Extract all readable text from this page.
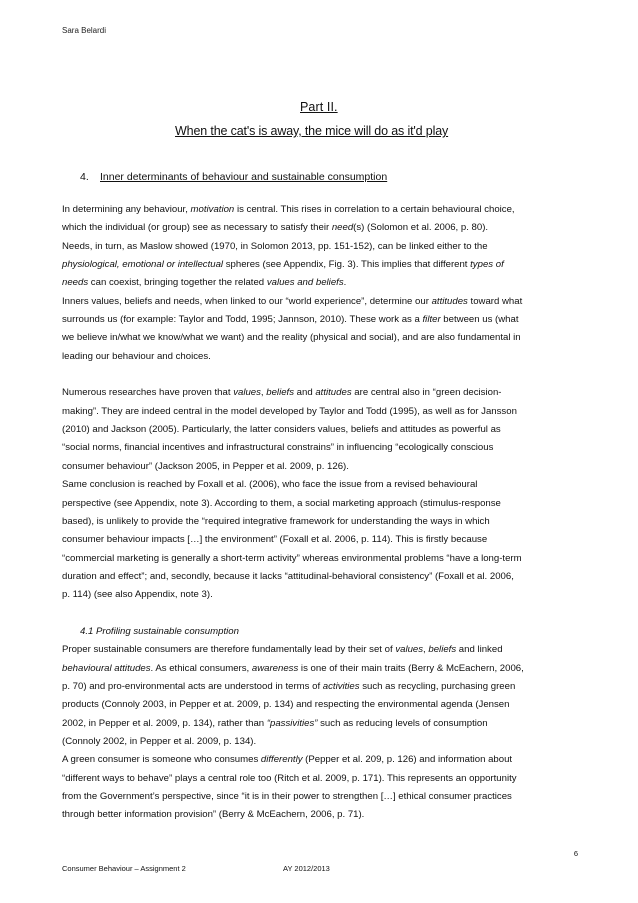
Sara Belardi
Part II.
When the cat's is away, the mice will do as it'd play
4. Inner determinants of behaviour and sustainable consumption
In determining any behaviour, motivation is central. This rises in correlation to a certain behavioural choice,
which the individual (or group) see as necessary to satisfy their need(s) (Solomon et al. 2006, p. 80).
Needs, in turn, as Maslow showed (1970, in Solomon 2013, pp. 151-152), can be linked either to the
physiological, emotional or intellectual spheres (see Appendix, Fig. 3). This implies that different types of
needs can coexist, bringing together the related values and beliefs.
Inners values, beliefs and needs, when linked to our “world experience”, determine our attitudes toward what
surrounds us (for example: Taylor and Todd, 1995; Jannson, 2010). These work as a filter between us (what
we believe in/what we know/what we want) and the reality (physical and social), and are also fundamental in
leading our behaviour and choices.
Numerous researches have proven that values, beliefs and attitudes are central also in “green decision-
making”. They are indeed central in the model developed by Taylor and Todd (1995), as well as for Jansson
(2010) and Jackson (2005). Particularly, the latter considers values, beliefs and attitudes as powerful as
“social norms, financial incentives and infrastructural constrains” in influencing “ecologically conscious
consumer behaviour” (Jackson 2005, in Pepper et al. 2009, p. 126).
Same conclusion is reached by Foxall et al. (2006), who face the issue from a revised behavioural
perspective (see Appendix, note 3). According to them, a social marketing approach (stimulus-response
based), is unlikely to provide the “required integrative framework for understanding the ways in which
consumer behaviour impacts […] the environment” (Foxall et al. 2006, p. 114). This is firstly because
“commercial marketing is generally a short-term activity” whereas environmental problems “have a long-term
duration and effect”; and, secondly, because it lacks “attitudinal-behavioral consistency” (Foxall et al. 2006,
p. 114) (see also Appendix, note 3).
4.1 Profiling sustainable consumption
Proper sustainable consumers are therefore fundamentally lead by their set of values, beliefs and linked
behavioural attitudes. As ethical consumers, awareness is one of their main traits (Berry & McEachern, 2006,
p. 70) and pro-environmental acts are understood in terms of activities such as recycling, purchasing green
products (Connoly 2003, in Pepper et at. 2009, p. 134) and respecting the environmental agenda (Jensen
2002, in Pepper et al. 2009, p. 134), rather than “passivities” such as reducing levels of consumption
(Connoly 2002, in Pepper et al. 2009, p. 134).
A green consumer is someone who consumes differently (Pepper et al. 209, p. 126) and information about
“different ways to behave” plays a central role too (Ritch et al. 2009, p. 171). This represents an opportunity
from the Government’s perspective, since “it is in their power to strengthen […] ethical consumer practices
through better information provision” (Berry & McEachern, 2006, p. 71).
6
Consumer Behaviour – Assignment 2	AY 2012/2013
